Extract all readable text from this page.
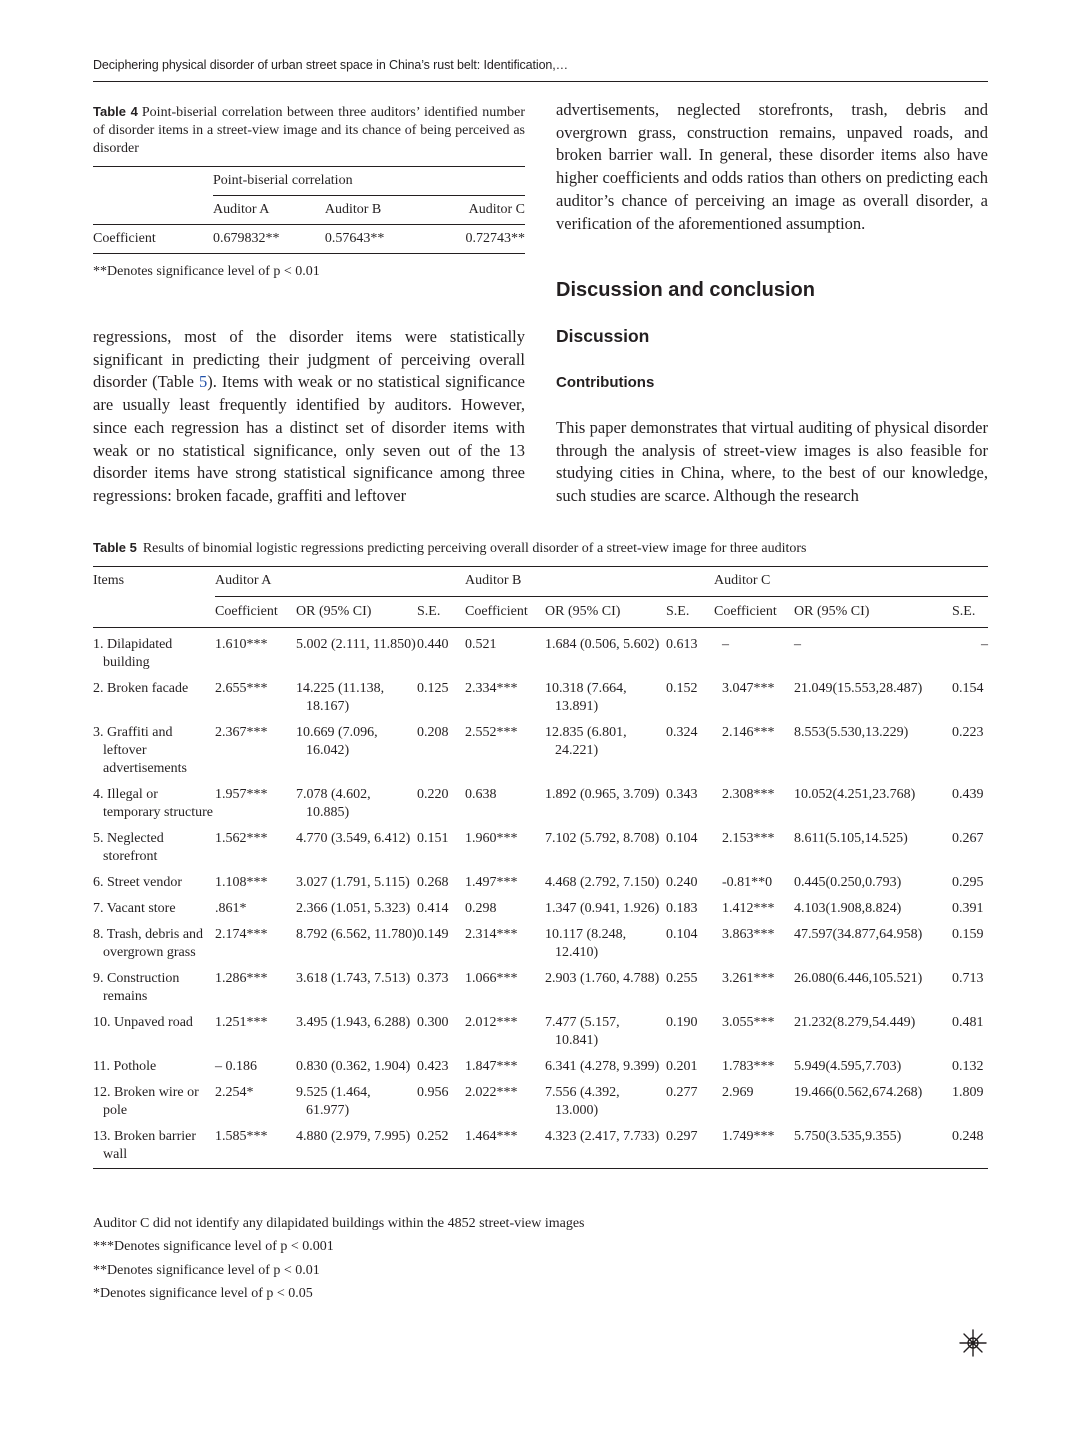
Deciphering physical disorder of urban street space in China’s rust belt: Identification,…

Table 4 Point-biserial correlation between three auditors’ identified number of disorder items in a street-view image and its chance of being perceived as disorder

	Point-biserial correlation		
	Auditor A	Auditor B	Auditor C
Coefficient	0.679832**	0.57643**	0.72743**
**Denotes significance level of p < 0.01

regressions, most of the disorder items were statistically significant in predicting their judgment of perceiving overall disorder (Table 5). Items with weak or no statistical significance are usually least frequently identified by auditors. However, since each regression has a distinct set of disorder items with weak or no statistical significance, only seven out of the 13 disorder items have strong statistical significance among three regressions: broken facade, graffiti and leftover

advertisements, neglected storefronts, trash, debris and overgrown grass, construction remains, unpaved roads, and broken barrier wall. In general, these disorder items also have higher coefficients and odds ratios than others on predicting each auditor’s chance of perceiving an image as overall disorder, a verification of the aforementioned assumption.

Discussion and conclusion
Discussion
Contributions

This paper demonstrates that virtual auditing of physical disorder through the analysis of street-view images is also feasible for studying cities in China, where, to the best of our knowledge, such studies are scarce. Although the research

Table 5 Results of binomial logistic regressions predicting perceiving overall disorder of a street-view image for three auditors

Items	Auditor A			Auditor B			Auditor C		
	Coefficient	OR (95% CI)	S.E.	Coefficient	OR (95% CI)	S.E.	Coefficient	OR (95% CI)	S.E.
1. Dilapidated building	1.610***	5.002 (2.111, 11.850)	0.440	0.521	1.684 (0.506, 5.602)	0.613	–	–	–
2. Broken facade	2.655***	14.225 (11.138, 18.167)	0.125	2.334***	10.318 (7.664, 13.891)	0.152	3.047***	21.049(15.553,28.487)	0.154
3. Graffiti and leftover advertisements	2.367***	10.669 (7.096, 16.042)	0.208	2.552***	12.835 (6.801, 24.221)	0.324	2.146***	8.553(5.530,13.229)	0.223
4. Illegal or temporary structure	1.957***	7.078 (4.602, 10.885)	0.220	0.638	1.892 (0.965, 3.709)	0.343	2.308***	10.052(4.251,23.768)	0.439
5. Neglected storefront	1.562***	4.770 (3.549, 6.412)	0.151	1.960***	7.102 (5.792, 8.708)	0.104	2.153***	8.611(5.105,14.525)	0.267
6. Street vendor	1.108***	3.027 (1.791, 5.115)	0.268	1.497***	4.468 (2.792, 7.150)	0.240	-0.81**0	0.445(0.250,0.793)	0.295
7. Vacant store	.861*	2.366 (1.051, 5.323)	0.414	0.298	1.347 (0.941, 1.926)	0.183	1.412***	4.103(1.908,8.824)	0.391
8. Trash, debris and overgrown grass	2.174***	8.792 (6.562, 11.780)	0.149	2.314***	10.117 (8.248, 12.410)	0.104	3.863***	47.597(34.877,64.958)	0.159
9. Construction remains	1.286***	3.618 (1.743, 7.513)	0.373	1.066***	2.903 (1.760, 4.788)	0.255	3.261***	26.080(6.446,105.521)	0.713
10. Unpaved road	1.251***	3.495 (1.943, 6.288)	0.300	2.012***	7.477 (5.157, 10.841)	0.190	3.055***	21.232(8.279,54.449)	0.481
11. Pothole	– 0.186	0.830 (0.362, 1.904)	0.423	1.847***	6.341 (4.278, 9.399)	0.201	1.783***	5.949(4.595,7.703)	0.132
12. Broken wire or pole	2.254*	9.525 (1.464, 61.977)	0.956	2.022***	7.556 (4.392, 13.000)	0.277	2.969	19.466(0.562,674.268)	1.809
13. Broken barrier wall	1.585***	4.880 (2.979, 7.995)	0.252	1.464***	4.323 (2.417, 7.733)	0.297	1.749***	5.750(3.535,9.355)	0.248
Auditor C did not identify any dilapidated buildings within the 4852 street-view images
***Denotes significance level of p < 0.001
**Denotes significance level of p < 0.01
*Denotes significance level of p < 0.05
